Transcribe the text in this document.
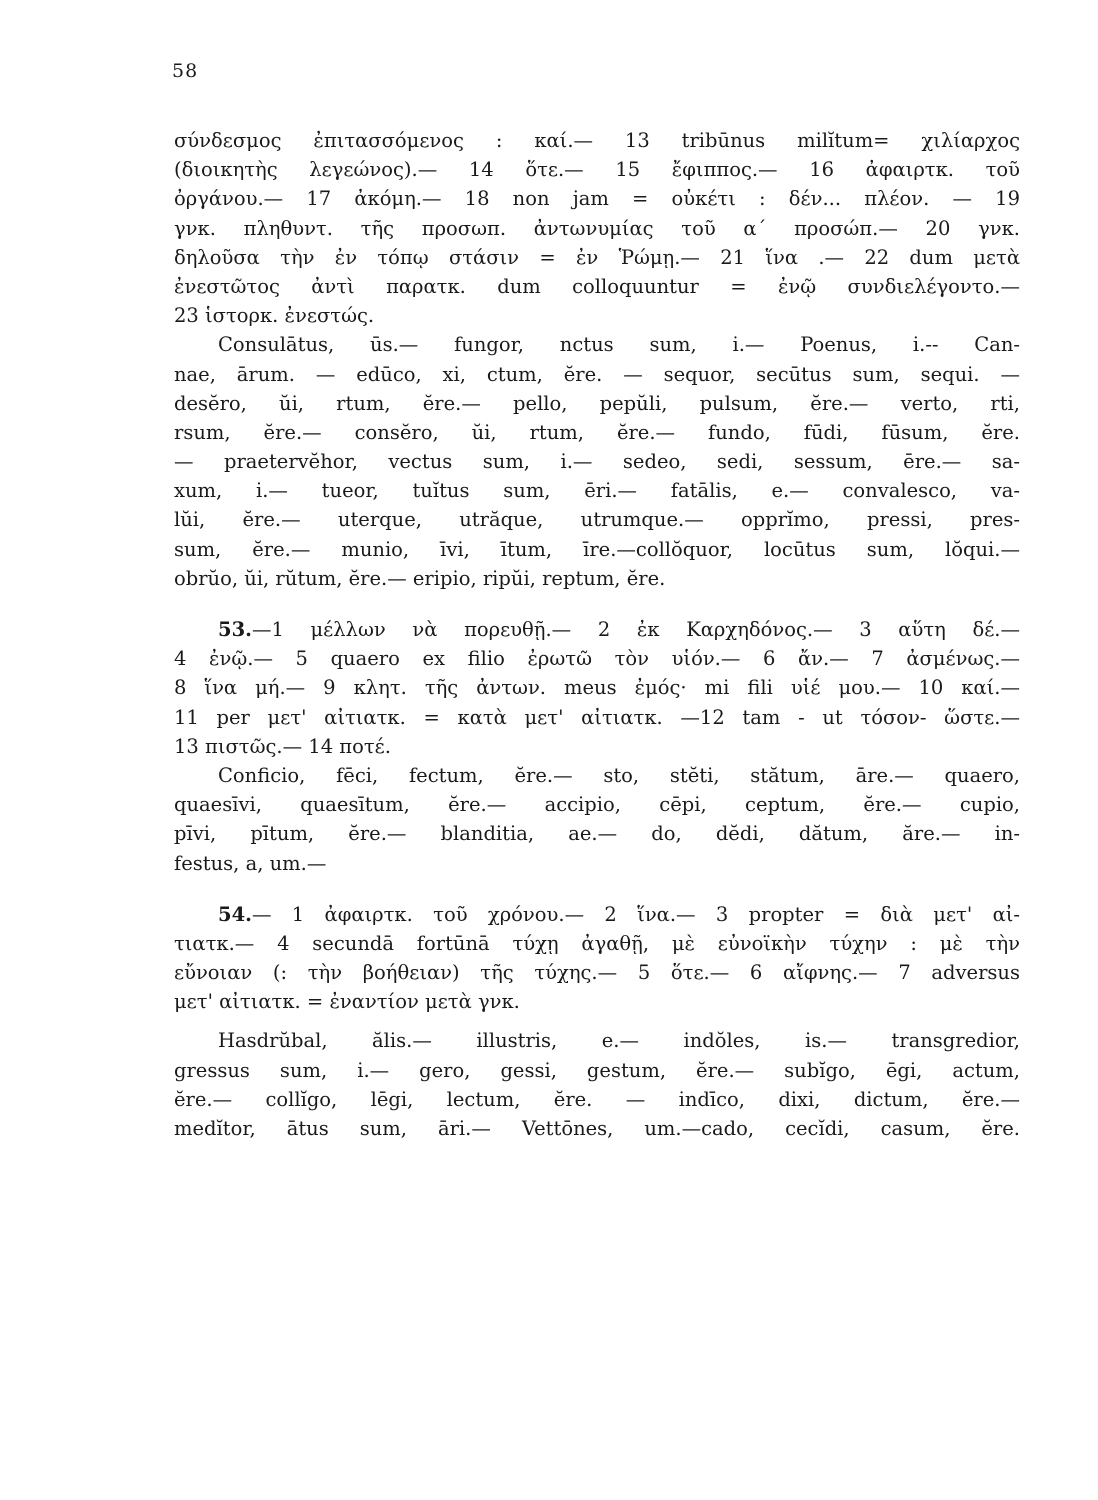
58
σύνδεσμος ἐπιτασσόμενος : καί.— 13 tribūnus milĭtum= χιλίαρχος
(διοικητὴς λεγεώνος).— 14 ὅτε.— 15 ἔφιππος.— 16 ἀφαιρτκ. τοῦ
ὀργάνου.— 17 ἀκόμη.— 18 non jam = οὐκέτι : δέν... πλέον. — 19
γνκ. πληθυντ. τῆς προσωπ. ἀντωνυμίας τοῦ α΄ προσώπ.— 20 γνκ.
δηλοῦσα τὴν ἐν τόπῳ στάσιν = ἐν Ῥώμῃ.— 21 ἵνα .— 22 dum μετὰ
ἐνεστῶτος ἀντὶ παρατκ. dum colloquuntur = ἐνῷ συνδιελέγοντο.—
23 ἱστορκ. ἐνεστώς.
Consulātus, ūs.— fungor, nctus sum, i.— Poenus, i.-- Can-
nae, ārum. — edūco, xi, ctum, ĕre. — sequor, secūtus sum, sequi. —
desĕro, ŭi, rtum, ĕre.— pello, pepŭli, pulsum, ĕre.— verto, rti,
rsum, ĕre.— consĕro, ŭi, rtum, ĕre.— fundo, fūdi, fūsum, ĕre.
— praetervĕhor, vectus sum, i.— sedeo, sedi, sessum, ēre.— sa-
xum, i.— tueor, tuĭtus sum, ēri.— fatālis, e.— convalesco, va-
lŭi, ĕre.— uterque, utrăque, utrumque.— opprĭmo, pressi, pres-
sum, ĕre.— munio, īvi, ītum, īre.—collŏquor, locūtus sum, lŏqui.—
obrŭo, ŭi, rŭtum, ĕre.— eripio, ripŭi, reptum, ĕre.
53.—1 μέλλων νὰ πορευθῇ.— 2 ἐκ Καρχηδόνος.— 3 αὕτη δέ.—
4 ἐνῷ.— 5 quaero ex filio ἐρωτῶ τὸν υἱόν.— 6 ἄν.— 7 ἀσμένως.—
8 ἵνα μή.— 9 κλητ. τῆς ἀντων. meus ἐμός· mi fili υἱέ μου.— 10 καί.—
11 per μετ' αἰτιατκ. = κατὰ μετ' αἰτιατκ. —12 tam - ut τόσον- ὥστε.—
13 πιστῶς.— 14 ποτέ.
Conficio, fēci, fectum, ĕre.— sto, stĕti, stătum, āre.— quaero,
quaesīvi, quaesītum, ĕre.— accipio, cēpi, ceptum, ĕre.— cupio,
pīvi, pītum, ĕre.— blanditia, ae.— do, dĕdi, dătum, ăre.— in-
festus, a, um.—
54.— 1 ἀφαιρτκ. τοῦ χρόνου.— 2 ἵνα.— 3 propter = διὰ μετ' αἰ-
τιατκ.— 4 secundā fortūnā τύχῃ ἀγαθῇ, μὲ εὐνοϊκὴν τύχην : μὲ τὴν
εὔνοιαν (: τὴν βοήθειαν) τῆς τύχης.— 5 ὅτε.— 6 αἴφνης.— 7 adversus
μετ' αἰτιατκ. = ἐναντίον μετὰ γνκ.
Hasdrŭbal, ălis.— illustris, e.— indŏles, is.— transgredior,
gressus sum, i.— gero, gessi, gestum, ĕre.— subĭgo, ēgi, actum,
ĕre.— collĭgo, lēgi, lectum, ĕre. — indīco, dixi, dictum, ĕre.—
medĭtor, ātus sum, āri.— Vettōnes, um.—cado, cecĭdi, casum, ĕre.
